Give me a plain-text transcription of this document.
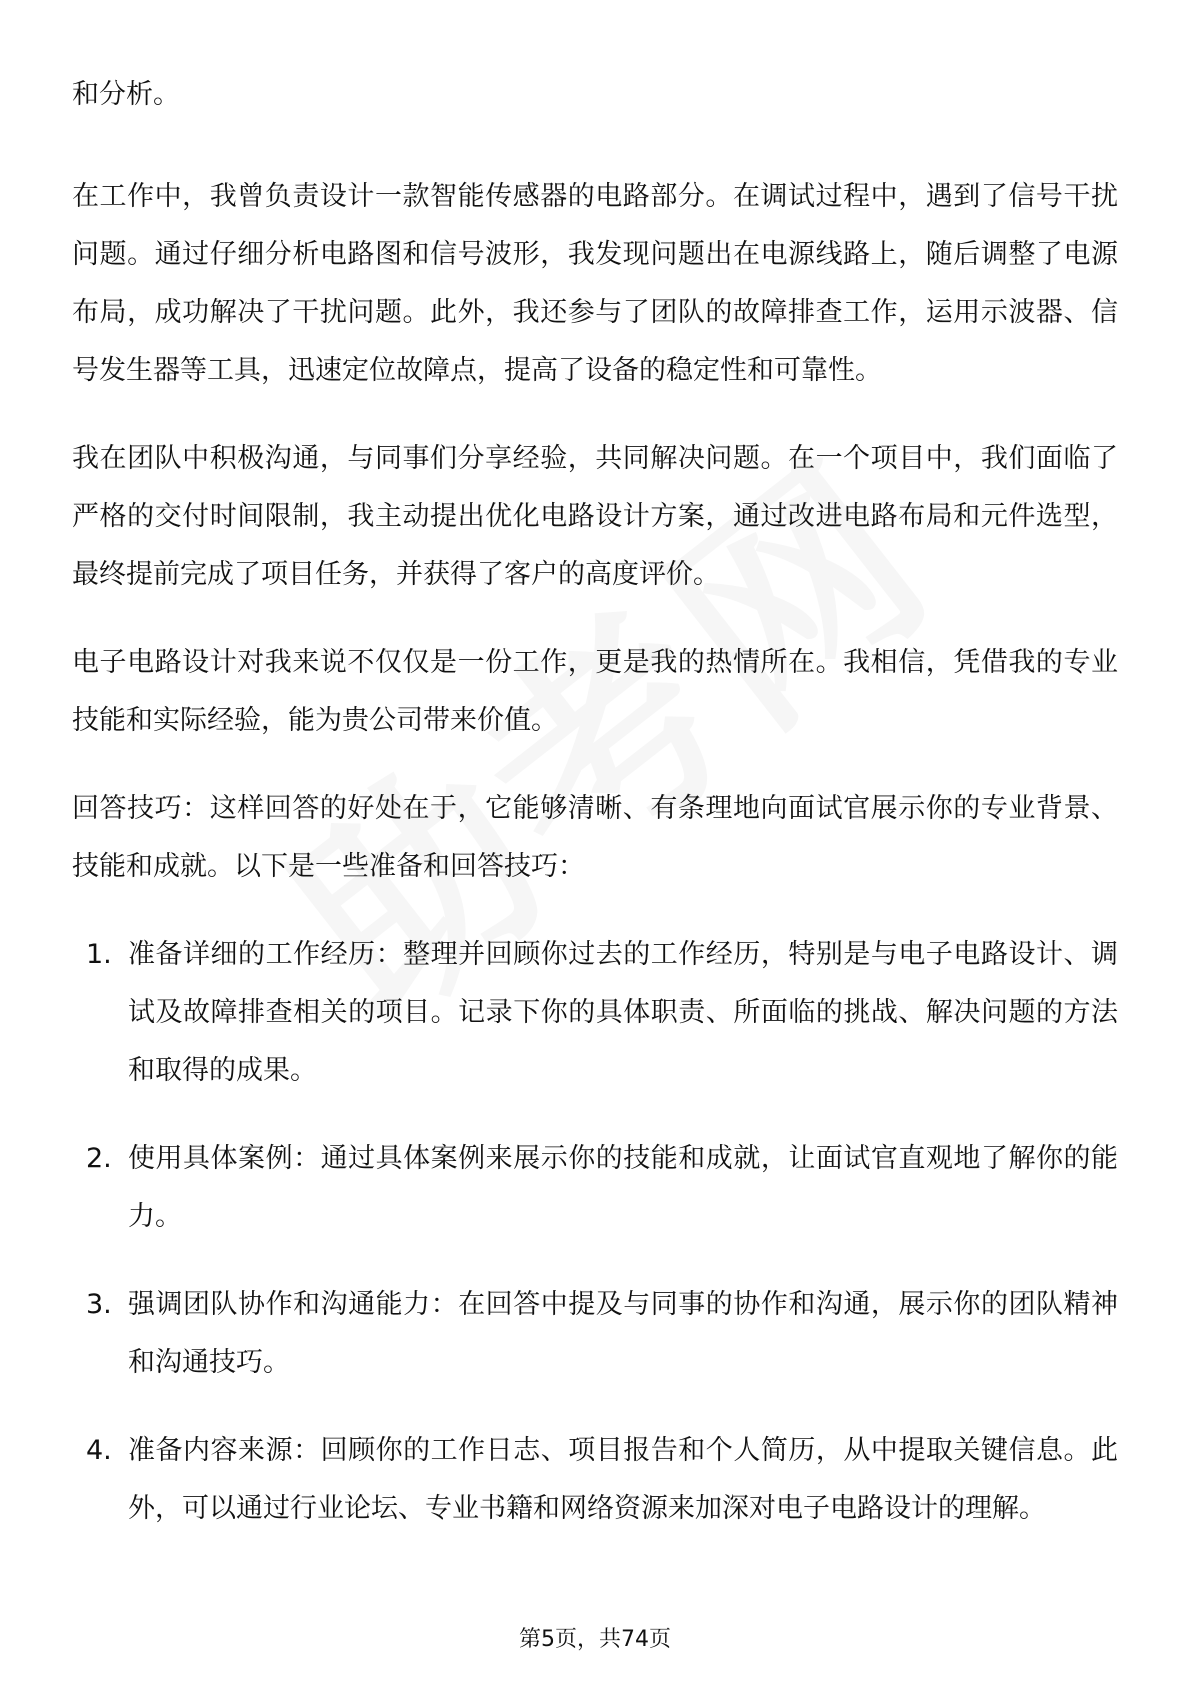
和分析。

在工作中，我曾负责设计一款智能传感器的电路部分。在调试过程中，遇到了信号干扰问题。通过仔细分析电路图和信号波形，我发现问题出在电源线路上，随后调整了电源布局，成功解决了干扰问题。此外，我还参与了团队的故障排查工作，运用示波器、信号发生器等工具，迅速定位故障点，提高了设备的稳定性和可靠性。

我在团队中积极沟通，与同事们分享经验，共同解决问题。在一个项目中，我们面临了严格的交付时间限制，我主动提出优化电路设计方案，通过改进电路布局和元件选型，最终提前完成了项目任务，并获得了客户的高度评价。

电子电路设计对我来说不仅仅是一份工作，更是我的热情所在。我相信，凭借我的专业技能和实际经验，能为贵公司带来价值。

回答技巧：这样回答的好处在于，它能够清晰、有条理地向面试官展示你的专业背景、技能和成就。以下是一些准备和回答技巧：

1. 准备详细的工作经历：整理并回顾你过去的工作经历，特别是与电子电路设计、调试及故障排查相关的项目。记录下你的具体职责、所面临的挑战、解决问题的方法和取得的成果。
2. 使用具体案例：通过具体案例来展示你的技能和成就，让面试官直观地了解你的能力。
3. 强调团队协作和沟通能力：在回答中提及与同事的协作和沟通，展示你的团队精神和沟通技巧。
4. 准备内容来源：回顾你的工作日志、项目报告和个人简历，从中提取关键信息。此外，可以通过行业论坛、专业书籍和网络资源来加深对电子电路设计的理解。
第5页，共74页
